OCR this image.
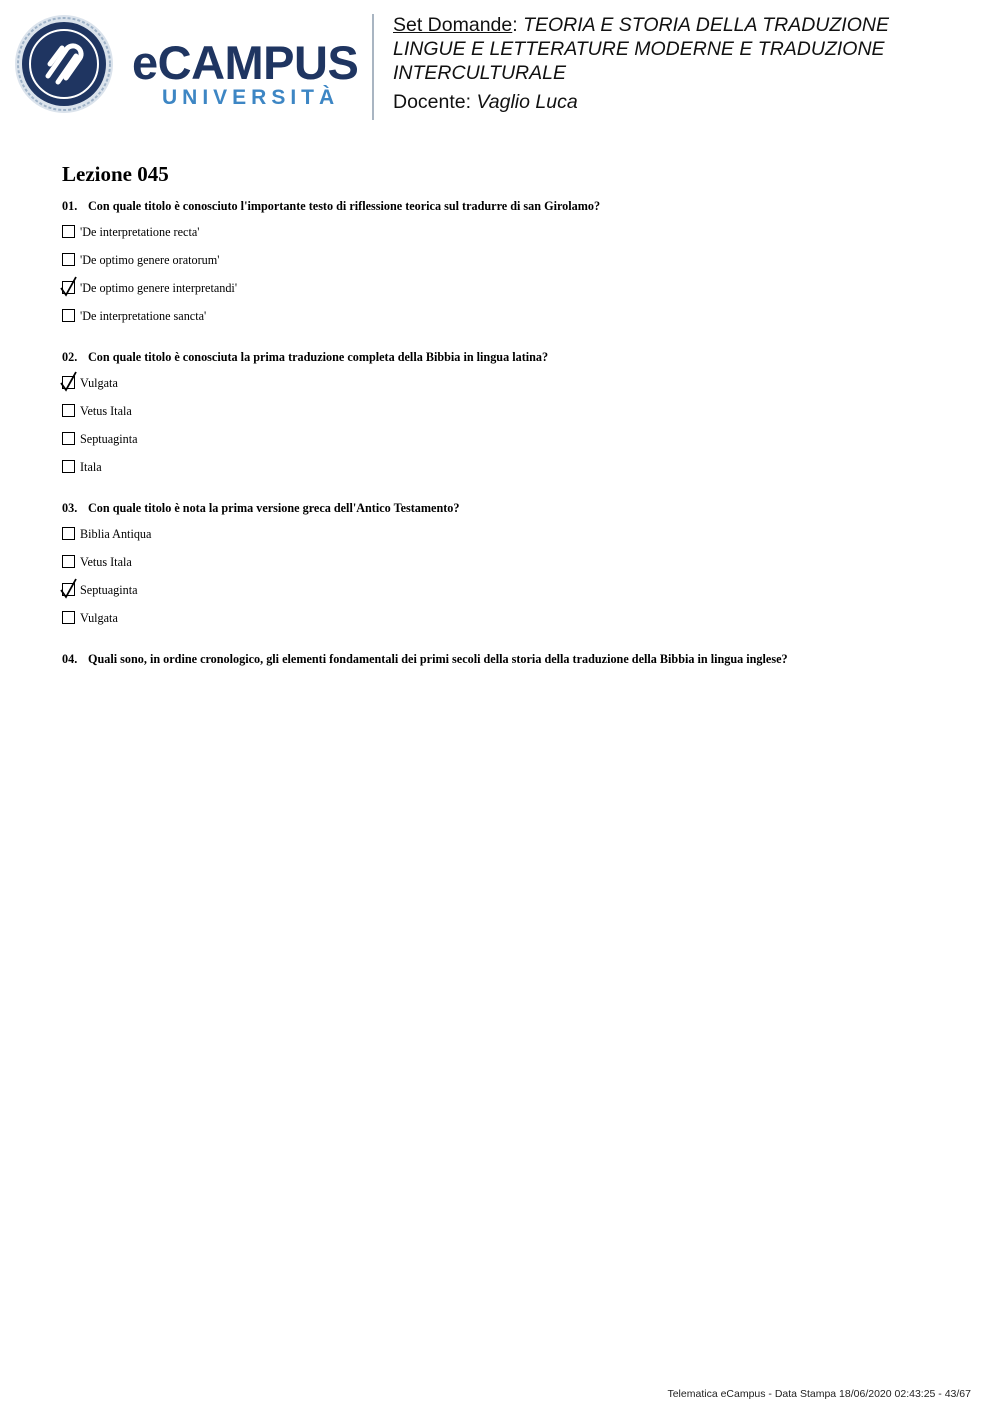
eCAMPUS
UNIVERSITÀ
Set Domande: TEORIA E STORIA DELLA TRADUZIONE
LINGUE E LETTERATURE MODERNE E TRADUZIONE
INTERCULTURALE
Docente: Vaglio Luca
Lezione 045
01. Con quale titolo è conosciuto l'importante testo di riflessione teorica sul tradurre di san Girolamo?
'De interpretatione recta'
'De optimo genere oratorum'
'De optimo genere interpretandi'
'De interpretatione sancta'
02. Con quale titolo è conosciuta la prima traduzione completa della Bibbia in lingua latina?
Vulgata
Vetus Itala
Septuaginta
Itala
03. Con quale titolo è nota la prima versione greca dell'Antico Testamento?
Biblia Antiqua
Vetus Itala
Septuaginta
Vulgata
04. Quali sono, in ordine cronologico, gli elementi fondamentali dei primi secoli della storia della traduzione della Bibbia in lingua inglese?
Telematica eCampus - Data Stampa 18/06/2020 02:43:25 - 43/67
